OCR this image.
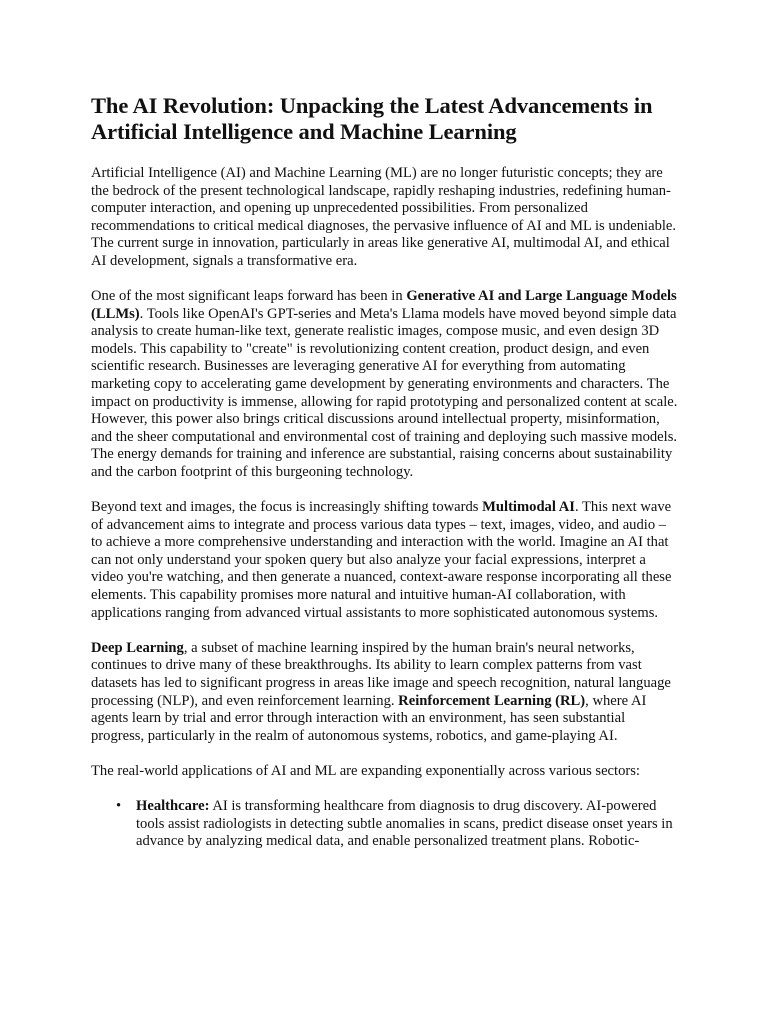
The AI Revolution: Unpacking the Latest Advancements in Artificial Intelligence and Machine Learning

Artificial Intelligence (AI) and Machine Learning (ML) are no longer futuristic concepts; they are the bedrock of the present technological landscape, rapidly reshaping industries, redefining human-computer interaction, and opening up unprecedented possibilities. From personalized recommendations to critical medical diagnoses, the pervasive influence of AI and ML is undeniable. The current surge in innovation, particularly in areas like generative AI, multimodal AI, and ethical AI development, signals a transformative era.

One of the most significant leaps forward has been in Generative AI and Large Language Models (LLMs). Tools like OpenAI's GPT-series and Meta's Llama models have moved beyond simple data analysis to create human-like text, generate realistic images, compose music, and even design 3D models. This capability to "create" is revolutionizing content creation, product design, and even scientific research. Businesses are leveraging generative AI for everything from automating marketing copy to accelerating game development by generating environments and characters. The impact on productivity is immense, allowing for rapid prototyping and personalized content at scale. However, this power also brings critical discussions around intellectual property, misinformation, and the sheer computational and environmental cost of training and deploying such massive models. The energy demands for training and inference are substantial, raising concerns about sustainability and the carbon footprint of this burgeoning technology.

Beyond text and images, the focus is increasingly shifting towards Multimodal AI. This next wave of advancement aims to integrate and process various data types – text, images, video, and audio – to achieve a more comprehensive understanding and interaction with the world. Imagine an AI that can not only understand your spoken query but also analyze your facial expressions, interpret a video you're watching, and then generate a nuanced, context-aware response incorporating all these elements. This capability promises more natural and intuitive human-AI collaboration, with applications ranging from advanced virtual assistants to more sophisticated autonomous systems.

Deep Learning, a subset of machine learning inspired by the human brain's neural networks, continues to drive many of these breakthroughs. Its ability to learn complex patterns from vast datasets has led to significant progress in areas like image and speech recognition, natural language processing (NLP), and even reinforcement learning. Reinforcement Learning (RL), where AI agents learn by trial and error through interaction with an environment, has seen substantial progress, particularly in the realm of autonomous systems, robotics, and game-playing AI.

The real-world applications of AI and ML are expanding exponentially across various sectors:

• Healthcare: AI is transforming healthcare from diagnosis to drug discovery. AI-powered tools assist radiologists in detecting subtle anomalies in scans, predict disease onset years in advance by analyzing medical data, and enable personalized treatment plans. Robotic-
